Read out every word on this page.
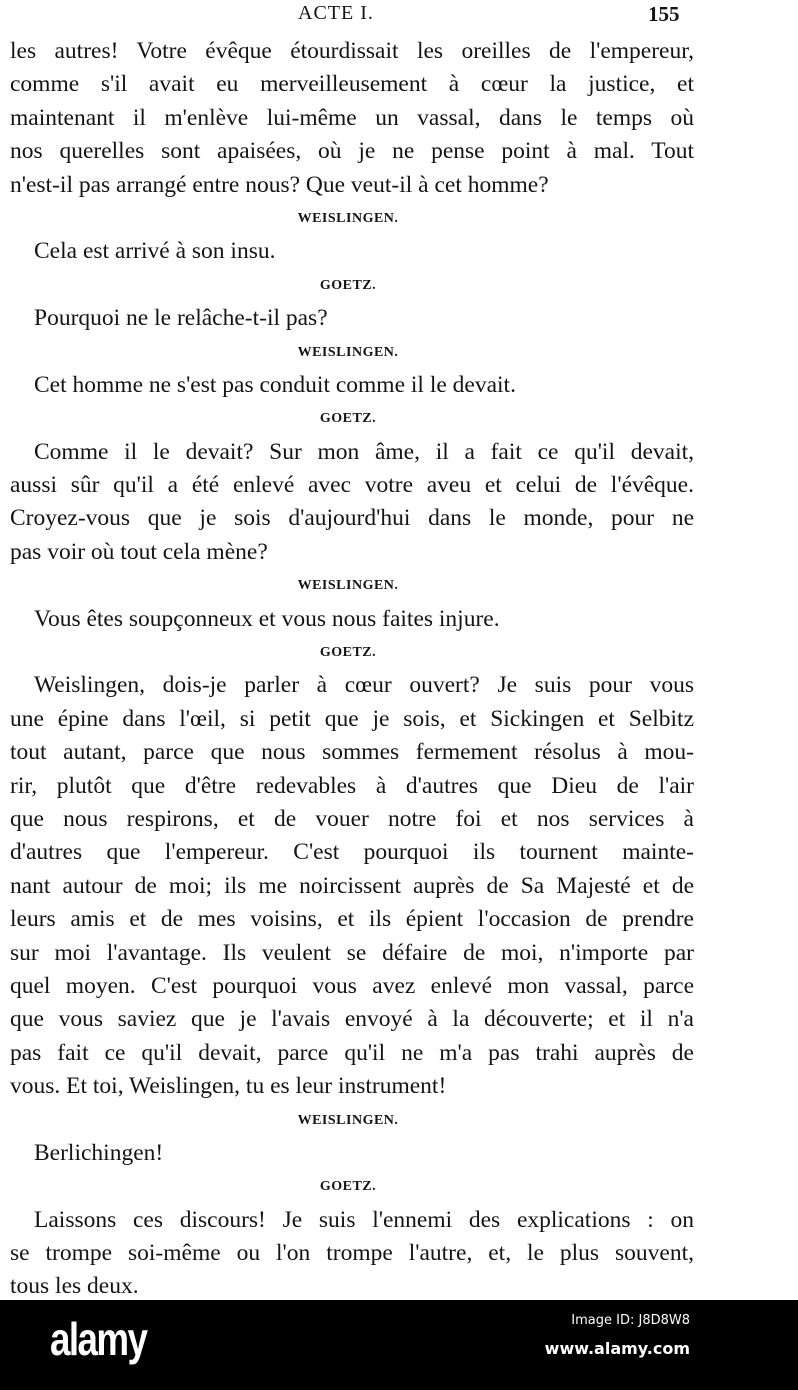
ACTE I.	155
les autres! Votre évêque étourdissait les oreilles de l'empereur,
comme s'il avait eu merveilleusement à cœur la justice, et
maintenant il m'enlève lui-même un vassal, dans le temps où
nos querelles sont apaisées, où je ne pense point à mal. Tout
n'est-il pas arrangé entre nous? Que veut-il à cet homme?
WEISLINGEN.
Cela est arrivé à son insu.
GOETZ.
Pourquoi ne le relâche-t-il pas?
WEISLINGEN.
Cet homme ne s'est pas conduit comme il le devait.
GOETZ.
Comme il le devait? Sur mon âme, il a fait ce qu'il devait,
aussi sûr qu'il a été enlevé avec votre aveu et celui de l'évêque.
Croyez-vous que je sois d'aujourd'hui dans le monde, pour ne
pas voir où tout cela mène?
WEISLINGEN.
Vous êtes soupçonneux et vous nous faites injure.
GOETZ.
Weislingen, dois-je parler à cœur ouvert? Je suis pour vous
une épine dans l'œil, si petit que je sois, et Sickingen et Selbitz
tout autant, parce que nous sommes fermement résolus à mou-
rir, plutôt que d'être redevables à d'autres que Dieu de l'air
que nous respirons, et de vouer notre foi et nos services à
d'autres que l'empereur. C'est pourquoi ils tournent mainte-
nant autour de moi; ils me noircissent auprès de Sa Majesté et de
leurs amis et de mes voisins, et ils épient l'occasion de prendre
sur moi l'avantage. Ils veulent se défaire de moi, n'importe par
quel moyen. C'est pourquoi vous avez enlevé mon vassal, parce
que vous saviez que je l'avais envoyé à la découverte; et il n'a
pas fait ce qu'il devait, parce qu'il ne m'a pas trahi auprès de
vous. Et toi, Weislingen, tu es leur instrument!
WEISLINGEN.
Berlichingen!
GOETZ.
Laissons ces discours! Je suis l'ennemi des explications : on
se trompe soi-même ou l'on trompe l'autre, et, le plus souvent,
tous les deux.
alamy	Image ID: J8D8W8
www.alamy.com
